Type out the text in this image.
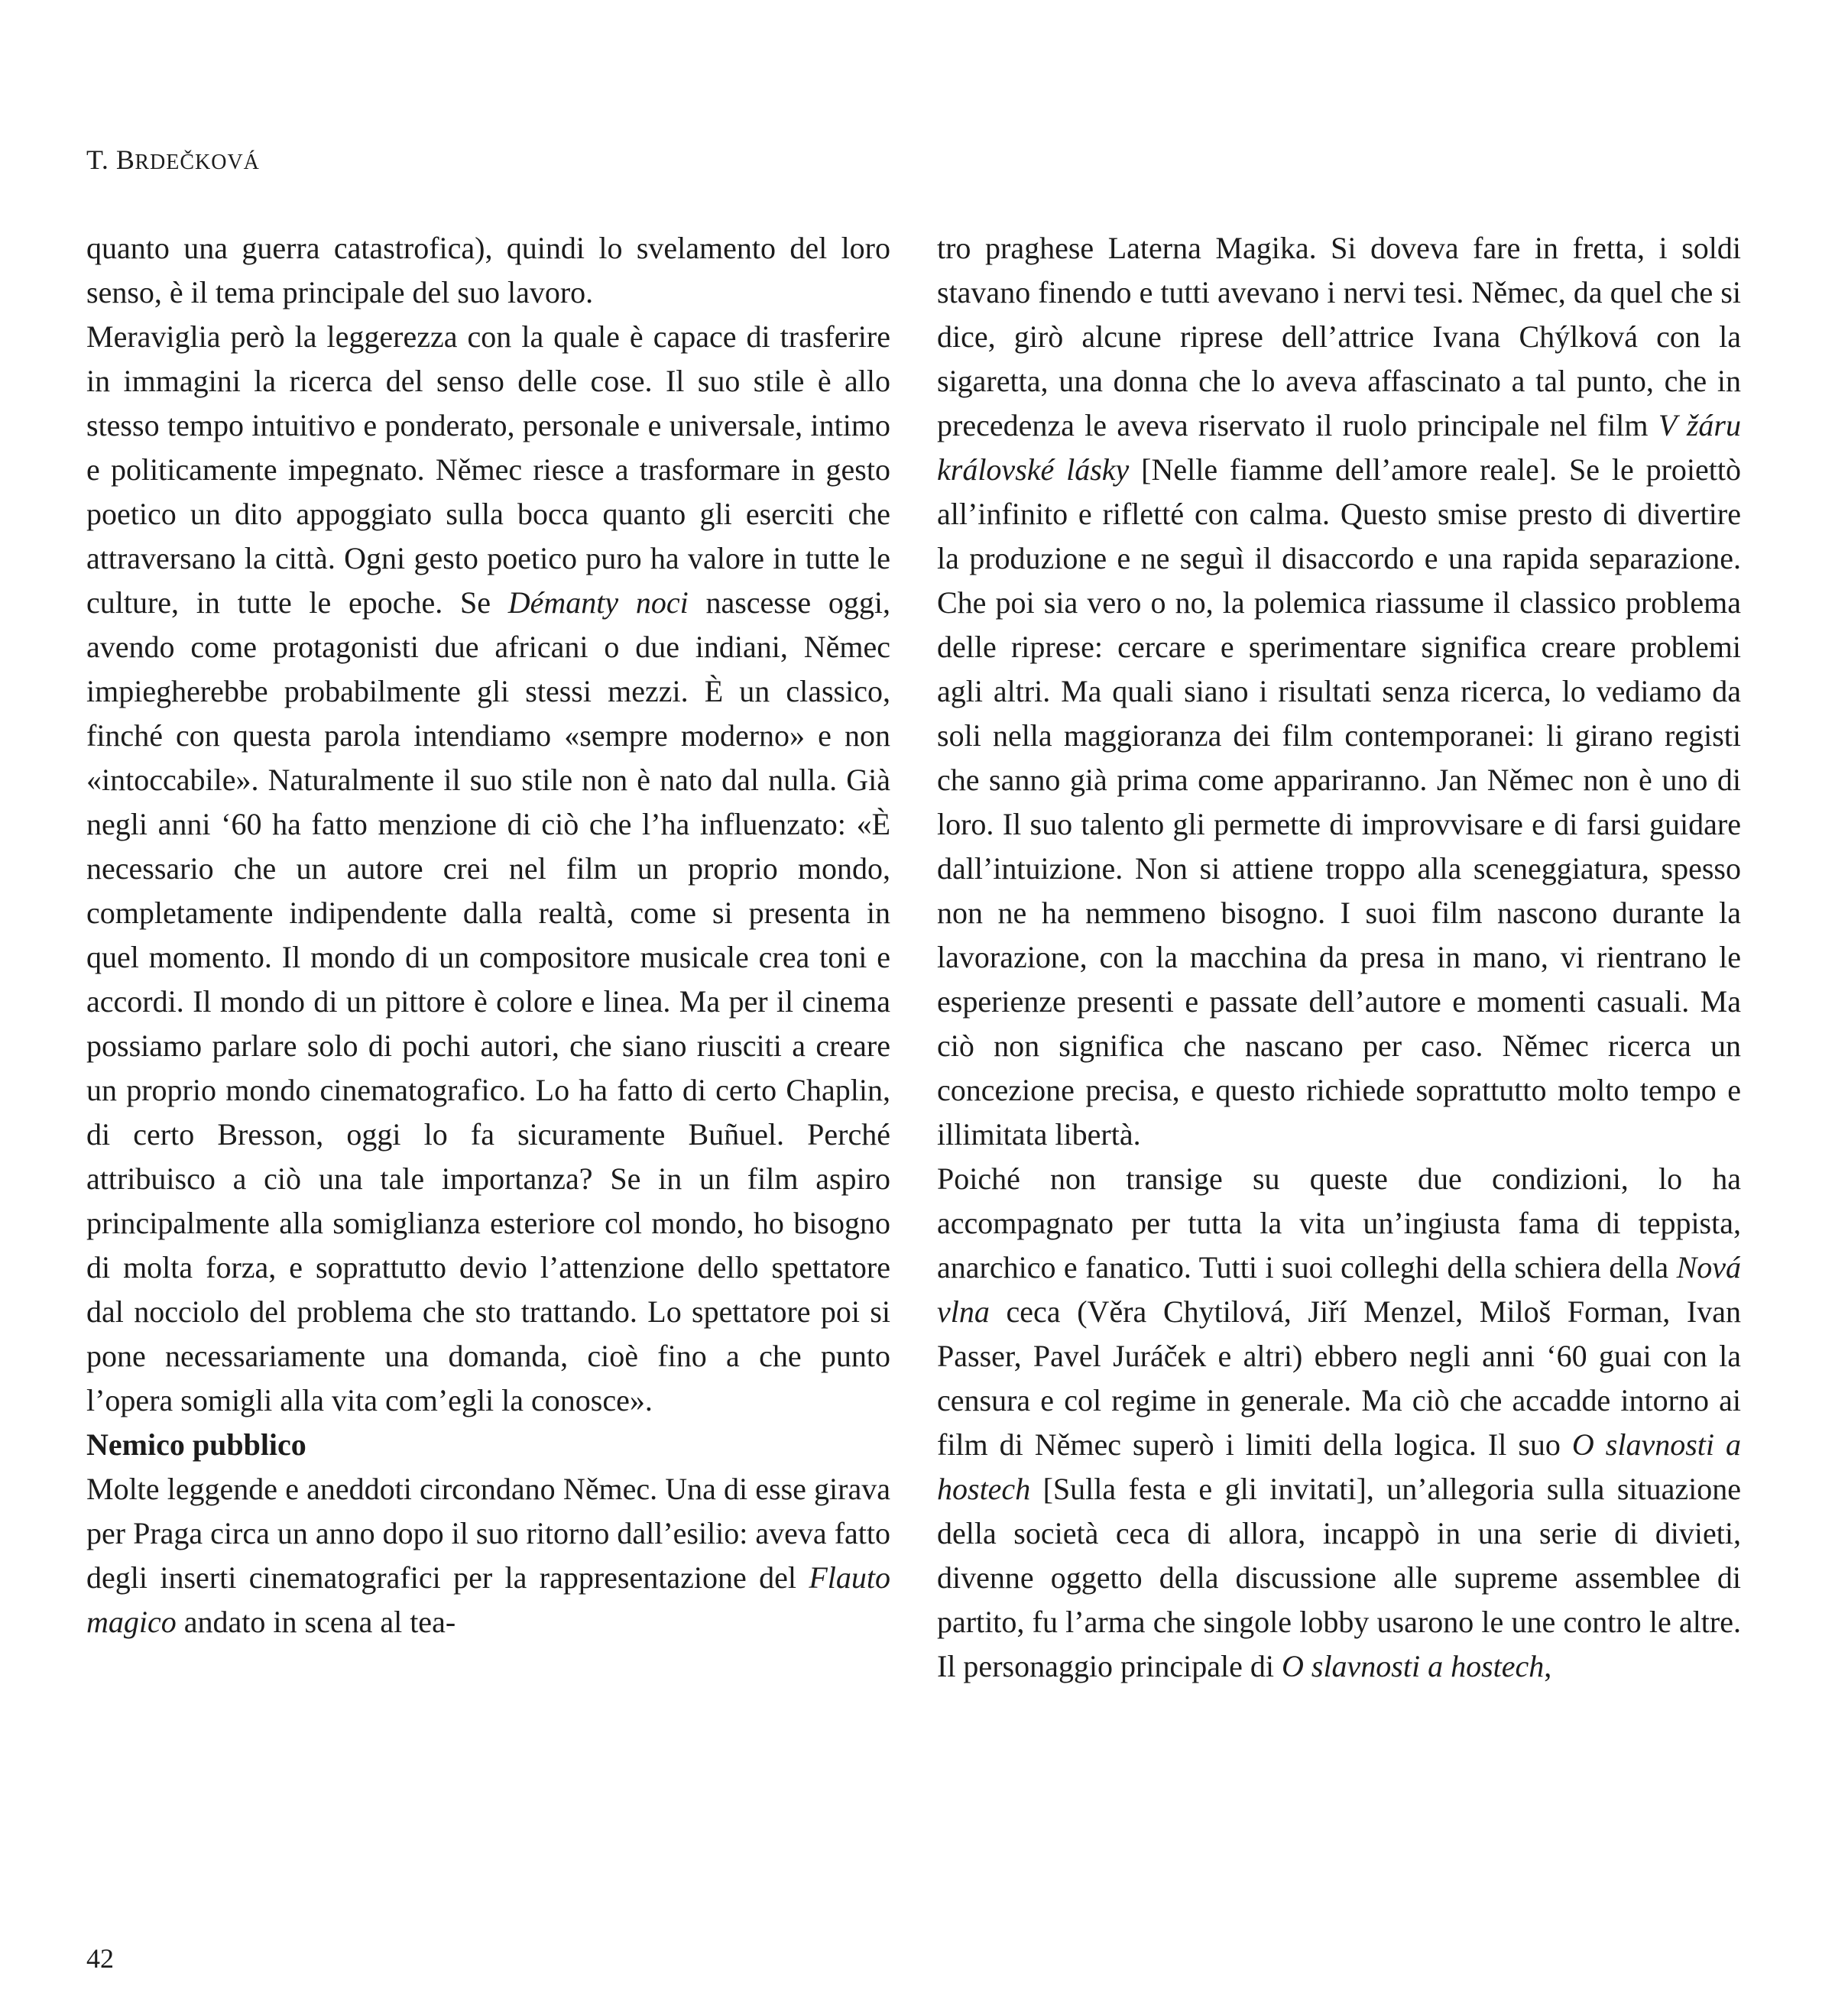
T. BRDEČKOVÁ

quanto una guerra catastrofica), quindi lo svelamento del loro senso, è il tema principale del suo lavoro.

Meraviglia però la leggerezza con la quale è capace di trasferire in immagini la ricerca del senso delle cose. Il suo stile è allo stesso tempo intuitivo e ponderato, personale e universale, intimo e politicamente impegnato. Němec riesce a trasformare in gesto poetico un dito appoggiato sulla bocca quanto gli eserciti che attraversano la città. Ogni gesto poetico puro ha valore in tutte le culture, in tutte le epoche. Se Démanty noci nascesse oggi, avendo come protagonisti due africani o due indiani, Němec impiegherebbe probabilmente gli stessi mezzi. È un classico, finché con questa parola intendiamo «sempre moderno» e non «intoccabile». Naturalmente il suo stile non è nato dal nulla. Già negli anni ‘60 ha fatto menzione di ciò che l’ha influenzato: «È necessario che un autore crei nel film un proprio mondo, completamente indipendente dalla realtà, come si presenta in quel momento. Il mondo di un compositore musicale crea toni e accordi. Il mondo di un pittore è colore e linea. Ma per il cinema possiamo parlare solo di pochi autori, che siano riusciti a creare un proprio mondo cinematografico. Lo ha fatto di certo Chaplin, di certo Bresson, oggi lo fa sicuramente Buñuel. Perché attribuisco a ciò una tale importanza? Se in un film aspiro principalmente alla somiglianza esteriore col mondo, ho bisogno di molta forza, e soprattutto devio l’attenzione dello spettatore dal nocciolo del problema che sto trattando. Lo spettatore poi si pone necessariamente una domanda, cioè fino a che punto l’opera somigli alla vita com’egli la conosce».

Nemico pubblico

Molte leggende e aneddoti circondano Němec. Una di esse girava per Praga circa un anno dopo il suo ritorno dall’esilio: aveva fatto degli inserti cinematografici per la rappresentazione del Flauto magico andato in scena al tea-

tro praghese Laterna Magika. Si doveva fare in fretta, i soldi stavano finendo e tutti avevano i nervi tesi. Němec, da quel che si dice, girò alcune riprese dell’attrice Ivana Chýlková con la sigaretta, una donna che lo aveva affascinato a tal punto, che in precedenza le aveva riservato il ruolo principale nel film V žáru královské lásky [Nelle fiamme dell’amore reale]. Se le proiettò all’infinito e rifletté con calma. Questo smise presto di divertire la produzione e ne seguì il disaccordo e una rapida separazione. Che poi sia vero o no, la polemica riassume il classico problema delle riprese: cercare e sperimentare significa creare problemi agli altri. Ma quali siano i risultati senza ricerca, lo vediamo da soli nella maggioranza dei film contemporanei: li girano registi che sanno già prima come appariranno. Jan Němec non è uno di loro. Il suo talento gli permette di improvvisare e di farsi guidare dall’intuizione. Non si attiene troppo alla sceneggiatura, spesso non ne ha nemmeno bisogno. I suoi film nascono durante la lavorazione, con la macchina da presa in mano, vi rientrano le esperienze presenti e passate dell’autore e momenti casuali. Ma ciò non significa che nascano per caso. Němec ricerca un concezione precisa, e questo richiede soprattutto molto tempo e illimitata libertà.

Poiché non transige su queste due condizioni, lo ha accompagnato per tutta la vita un’ingiusta fama di teppista, anarchico e fanatico. Tutti i suoi colleghi della schiera della Nová vlna ceca (Věra Chytilová, Jiří Menzel, Miloš Forman, Ivan Passer, Pavel Juráček e altri) ebbero negli anni ‘60 guai con la censura e col regime in generale. Ma ciò che accadde intorno ai film di Němec superò i limiti della logica. Il suo O slavnosti a hostech [Sulla festa e gli invitati], un’allegoria sulla situazione della società ceca di allora, incappò in una serie di divieti, divenne oggetto della discussione alle supreme assemblee di partito, fu l’arma che singole lobby usarono le une contro le altre. Il personaggio principale di O slavnosti a hostech,

42
